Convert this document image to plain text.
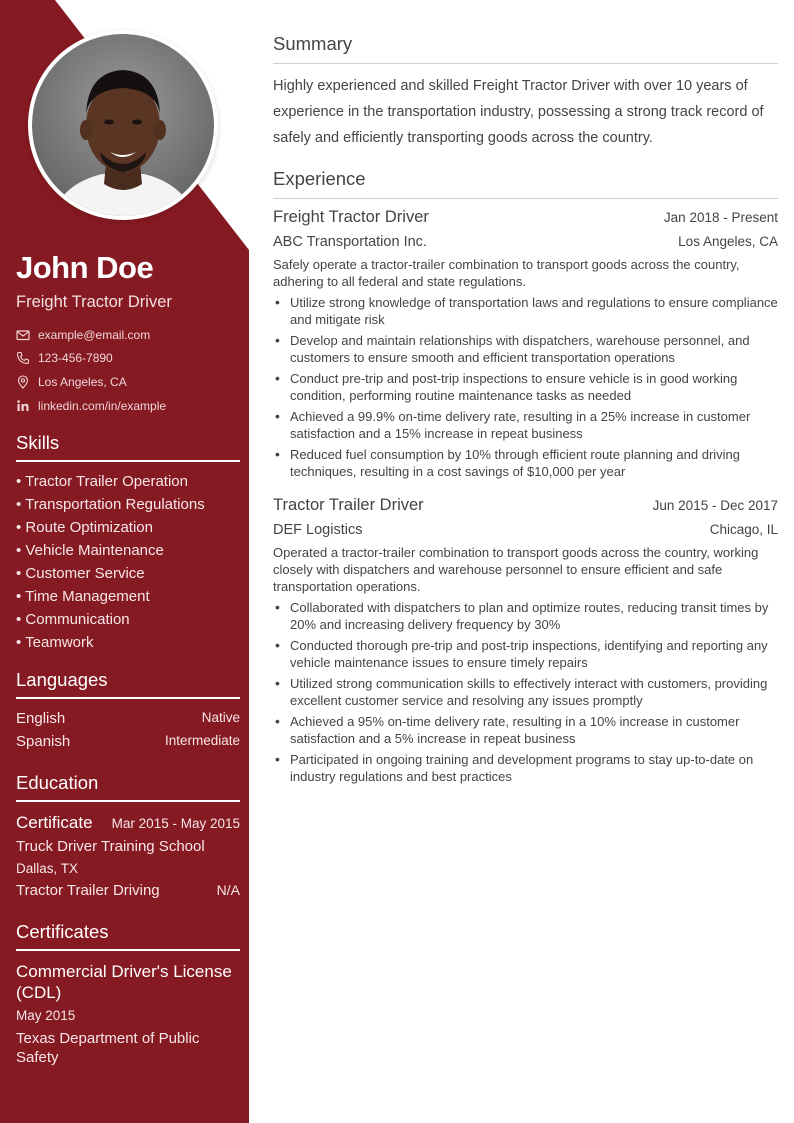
John Doe
Freight Tractor Driver
example@email.com
123-456-7890
Los Angeles, CA
linkedin.com/in/example
Skills
• Tractor Trailer Operation
• Transportation Regulations
• Route Optimization
• Vehicle Maintenance
• Customer Service
• Time Management
• Communication
• Teamwork
Languages
English	Native
Spanish	Intermediate
Education
Certificate Mar 2015 - May 2015
Truck Driver Training School
Dallas, TX
Tractor Trailer Driving	N/A
Certificates
Commercial Driver's License (CDL)
May 2015
Texas Department of Public Safety
Summary
Highly experienced and skilled Freight Tractor Driver with over 10 years of experience in the transportation industry, possessing a strong track record of safely and efficiently transporting goods across the country.
Experience
Freight Tractor Driver	Jan 2018 - Present
ABC Transportation Inc.	Los Angeles, CA
Safely operate a tractor-trailer combination to transport goods across the country, adhering to all federal and state regulations.
• Utilize strong knowledge of transportation laws and regulations to ensure compliance and mitigate risk
• Develop and maintain relationships with dispatchers, warehouse personnel, and customers to ensure smooth and efficient transportation operations
• Conduct pre-trip and post-trip inspections to ensure vehicle is in good working condition, performing routine maintenance tasks as needed
• Achieved a 99.9% on-time delivery rate, resulting in a 25% increase in customer satisfaction and a 15% increase in repeat business
• Reduced fuel consumption by 10% through efficient route planning and driving techniques, resulting in a cost savings of $10,000 per year
Tractor Trailer Driver	Jun 2015 - Dec 2017
DEF Logistics	Chicago, IL
Operated a tractor-trailer combination to transport goods across the country, working closely with dispatchers and warehouse personnel to ensure efficient and safe transportation operations.
• Collaborated with dispatchers to plan and optimize routes, reducing transit times by 20% and increasing delivery frequency by 30%
• Conducted thorough pre-trip and post-trip inspections, identifying and reporting any vehicle maintenance issues to ensure timely repairs
• Utilized strong communication skills to effectively interact with customers, providing excellent customer service and resolving any issues promptly
• Achieved a 95% on-time delivery rate, resulting in a 10% increase in customer satisfaction and a 5% increase in repeat business
• Participated in ongoing training and development programs to stay up-to-date on industry regulations and best practices
